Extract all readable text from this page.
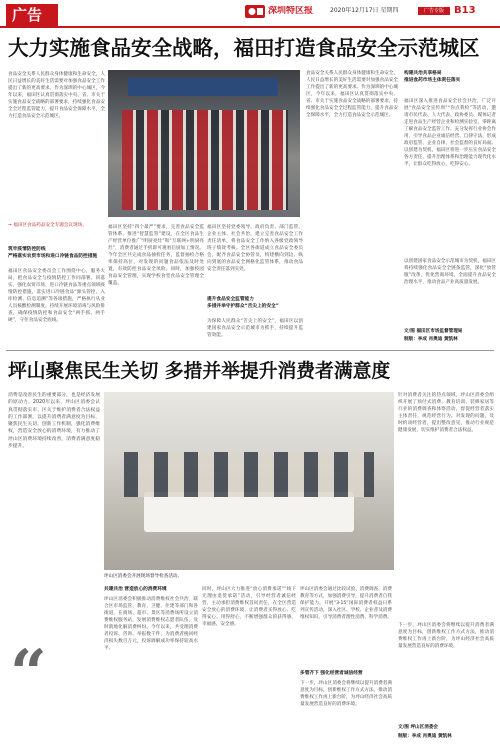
广告	深圳特区报	2020年12月17日 星期四	广告专版	B13
大力实施食品安全战略，福田打造食品安全示范城区
食品安全关系人民群众身体健康和生命安全，人民日益增长的美好生活需要对加强食品安全工作提出了新的更高要求。作为深圳的中心城区，今年以来，福田区认真贯彻落实中央、省、市关于实施食品安全战略的部署要求，持续强化食品安全全过程监管能力，提升食品安全保障水平，全力打造食品安全示范城区。
→ 福田区食品药品安全专题会议现场。
筑牢疫情防控防线
严格落实农贸市场和进口冷链食品防控措施
福田区食品安全委员会工作围绕中心，服务大局，把食品安全与疫情防控工作同部署、同落实。强化农贸市场、进口冷链食品等重点领域疫情防控措施，落实进口冷链食品“源头管控、入库检测、信息追溯”等各项措施，严格执行从业人员核酸检测制度，持续开展环境消毒与风险排查，确保疫情防控和食品安全“两手抓、两手硬”，守住食品安全底线。
福田区坚持“四个最严”要求，完善食品安全监管体系，推进“智慧监管”建设，在全区食品生产经营单位推广“明厨亮灶”和“互联网+明厨亮灶”，消费者通过手机即可观看后厨加工情况。今年全区共完成食品抽检任务，监督抽检合格率保持高位，对发现的问题食品依法及时处置，有效防控食品安全风险。同时，加强校园食品安全管理，实现学校食堂食品安全管理全覆盖。
福田区坚持党委领导、政府负责、部门监管、企业主体、社会共治，建立完善食品安全工作责任清单，将食品安全工作纳入各级党政领导班子绩效考核。全区各街道成立食品安全委员会，配齐食品安全协管员，构建横向到边、纵向到底的食品安全网格化监管体系，推动食品安全责任落到实处。
提升食品安全监管能力
多措并举守护群众“舌尖上的安全”
为保障人民群众“舌尖上的安全”，福田区以创建国家食品安全示范城市为抓手，持续提升监管效能。
食品安全关系人民群众身体健康和生命安全，人民日益增长的美好生活需要对加强食品安全工作提出了新的更高要求。作为深圳的中心城区，今年以来，福田区认真贯彻落实中央、省、市关于实施食品安全战略的部署要求，持续强化食品安全全过程监管能力，提升食品安全保障水平，全力打造食品安全示范城区。
构建共治共享格局
推进食药市场主体责任落实
福田区深入推进食品安全社会共治，广泛开展“食品安全宣传周”“你点我检”等活动，邀请市民代表、人大代表、政协委员、媒体记者走进食品生产经营企业和检测实验室，零距离了解食品安全监管工作。充分发挥行业协会作用，引导食品企业诚信经营、自律守法，形成政府监管、企业自律、社会监督的良好局面。以创建为契机，福田区将进一步压实食品安全各方责任，提升治理体系和治理能力现代化水平，让群众吃得放心、吃得安心。
以创建国家食品安全示范城市为契机，福田区将持续强化食品安全全链条监管，深化“放管服”改革，优化营商环境，全面提升食品安全治理水平，推动食品产业高质量发展。
文/图 福田区市场监督管理局
制版：李成 肖奥迪 黄凯林
坪山聚焦民生关切 多措并举提升消费者满意度
消费是改善民生的重要部分，也是经济发展的原动力。2020年以来，坪山区消委会认真贯彻落实市、区关于维护消费者合法权益的工作部署，以提升消费者满意度为目标，聚焦民生关切，创新工作机制，强化消费维权，营造安全放心的消费环境，有力推动了坪山区消费环境持续改善，消费者满意度稳步提升。
坪山区消委会开展现场督导检查活动。
共建共治 营造放心的消费环境
坪山区消委会积极推动消费维权社会共治，联合区市场监管、教育、卫健、住建等部门和各街道，在商场、超市、景区等消费场所设立消费维权服务站，发展消费维权志愿者队伍，及时就地化解消费纠纷。今年以来，共受理消费者投诉、咨询、举报数千件，为消费者挽回经济损失数百万元，投诉调解成功率保持较高水平。
同时，坪山区大力推进“放心消费承诺”“线下无理由退货承诺”活动，引导经营者诚信经营，主动承担消费维权首问责任，在全区营造安全放心的消费环境，让消费者买得放心、吃得安心、用得舒心，不断增强群众的获得感、幸福感、安全感。
坪山区消委会通过比较试验、消费调查、消费教育等方式，加强消费引导，提升消费者自我保护能力。开展“3·15”国际消费者权益日系列宣传活动，深入社区、学校、企业普及消费维权知识，引导消费者理性消费、科学消费。
多管齐下 强化经营者诚信经营
下一步，坪山区消委会将继续以提升消费者满意度为目标，创新维权工作方式方法，推动消费维权工作再上新台阶，为坪山经济社会高质量发展营造良好的消费环境。
针对消费者关注的热点领域，坪山区消委会组织开展了预付式消费、教育培训、装修家居等行业的消费调查和体察活动，督促经营者落实主体责任，规范经营行为。对发现的问题，及时约谈经营者，提出整改意见，推动行业规范健康发展，切实维护消费者合法权益。
下一步，坪山区消委会将继续以提升消费者满意度为目标，创新维权工作方式方法，推动消费维权工作再上新台阶，为坪山经济社会高质量发展营造良好的消费环境。
文/图 坪山区消委会
制版：李成 肖奥迪 黄凯林
“
